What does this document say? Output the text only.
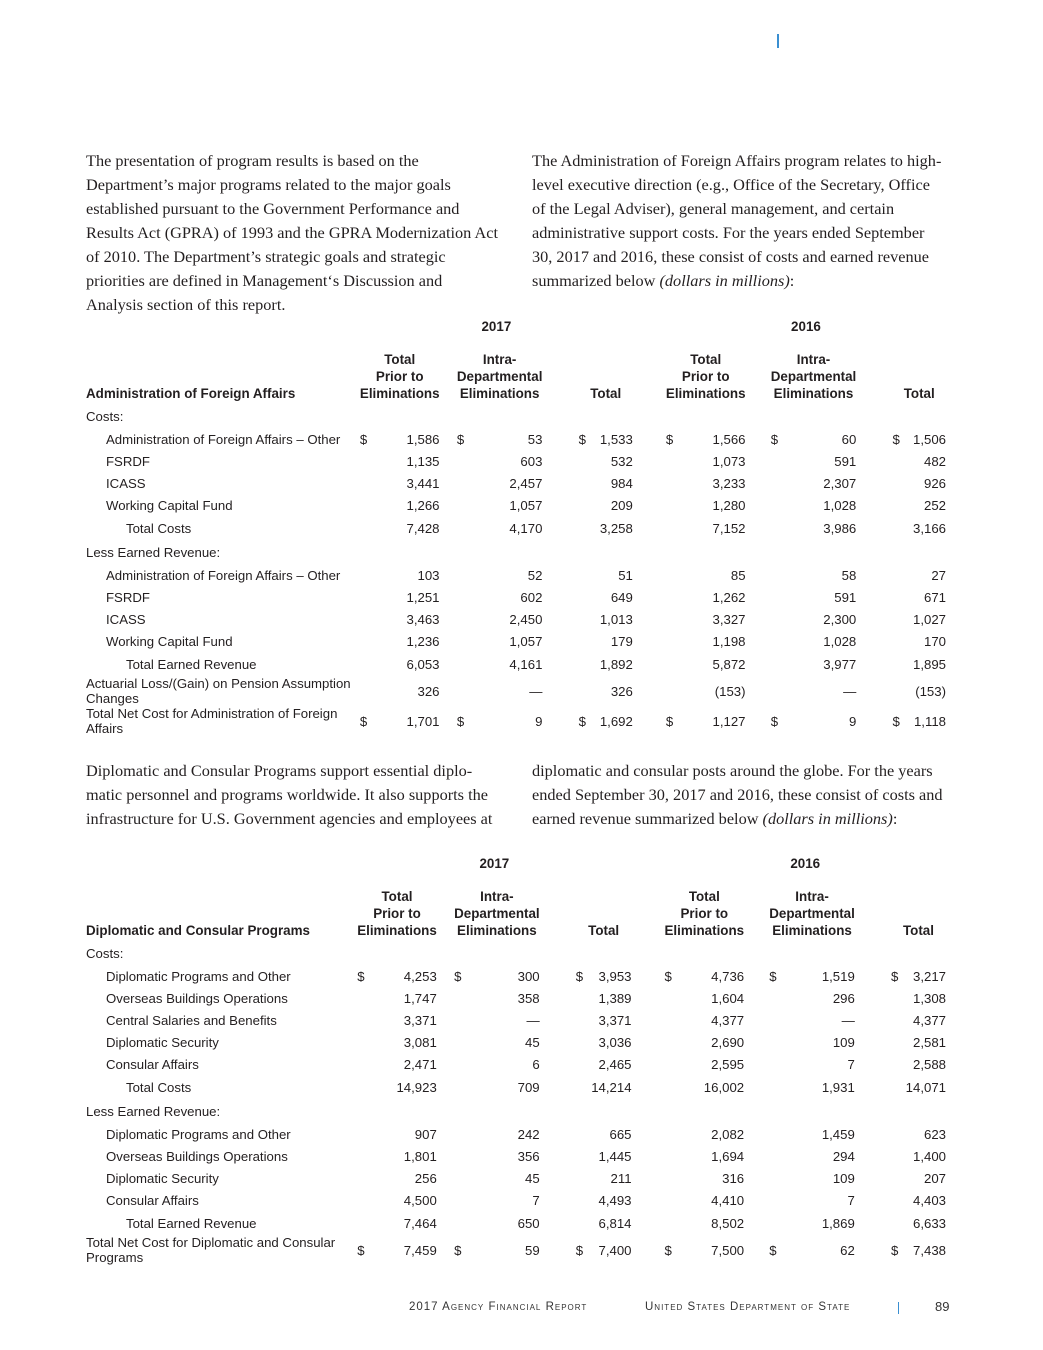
The presentation of program results is based on the Department’s major programs related to the major goals established pursuant to the Government Performance and Results Act (GPRA) of 1993 and the GPRA Modernization Act of 2010. The Department’s strategic goals and strategic priorities are defined in Management‘s Discussion and Analysis section of this report.
The Administration of Foreign Affairs program relates to high-level executive direction (e.g., Office of the Secretary, Office of the Legal Adviser), general management, and certain administrative support costs. For the years ended September 30, 2017 and 2016, these consist of costs and earned revenue summarized below (dollars in millions):
	2017									2016							
Administration of Foreign Affairs	Total
Prior to
Eliminations			Intra-
Departmental
Eliminations			Total			Total
Prior to
Eliminations			Intra-
Departmental
Eliminations			Total	
Costs:																	
Administration of Foreign Affairs – Other	$	1,586		$	53		$	1,533		$	1,566		$	60		$	1,506
FSRDF		1,135			603			532			1,073			591			482
ICASS		3,441			2,457			984			3,233			2,307			926
Working Capital Fund		1,266			1,057			209			1,280			1,028			252
Total Costs		7,428			4,170			3,258			7,152			3,986			3,166
Less Earned Revenue:																	
Administration of Foreign Affairs – Other		103			52			51			85			58			27
FSRDF		1,251			602			649			1,262			591			671
ICASS		3,463			2,450			1,013			3,327			2,300			1,027
Working Capital Fund		1,236			1,057			179			1,198			1,028			170
Total Earned Revenue		6,053			4,161			1,892			5,872			3,977			1,895
Actuarial Loss/(Gain) on Pension Assumption Changes		326			—			326			(153)			—			(153)
Total Net Cost for Administration of Foreign Affairs	$	1,701		$	9		$	1,692		$	1,127		$	9		$	1,118
Diplomatic and Consular Programs support essential diplo-matic personnel and programs worldwide. It also supports the infrastructure for U.S. Government agencies and employees at
diplomatic and consular posts around the globe. For the years ended September 30, 2017 and 2016, these consist of costs and earned revenue summarized below (dollars in millions):
	2017									2016							
Diplomatic and Consular Programs	Total
Prior to
Eliminations			Intra-
Departmental
Eliminations			Total			Total
Prior to
Eliminations			Intra-
Departmental
Eliminations			Total	
Costs:																	
Diplomatic Programs and Other	$	4,253		$	300		$	3,953		$	4,736		$	1,519		$	3,217
Overseas Buildings Operations		1,747			358			1,389			1,604			296			1,308
Central Salaries and Benefits		3,371			—			3,371			4,377			—			4,377
Diplomatic Security		3,081			45			3,036			2,690			109			2,581
Consular Affairs		2,471			6			2,465			2,595			7			2,588
Total Costs		14,923			709			14,214			16,002			1,931			14,071
Less Earned Revenue:																	
Diplomatic Programs and Other		907			242			665			2,082			1,459			623
Overseas Buildings Operations		1,801			356			1,445			1,694			294			1,400
Diplomatic Security		256			45			211			316			109			207
Consular Affairs		4,500			7			4,493			4,410			7			4,403
Total Earned Revenue		7,464			650			6,814			8,502			1,869			6,633
Total Net Cost for Diplomatic and Consular Programs	$	7,459		$	59		$	7,400		$	7,500		$	62		$	7,438
2017 Agency Financial Report	United States Department of State	89
